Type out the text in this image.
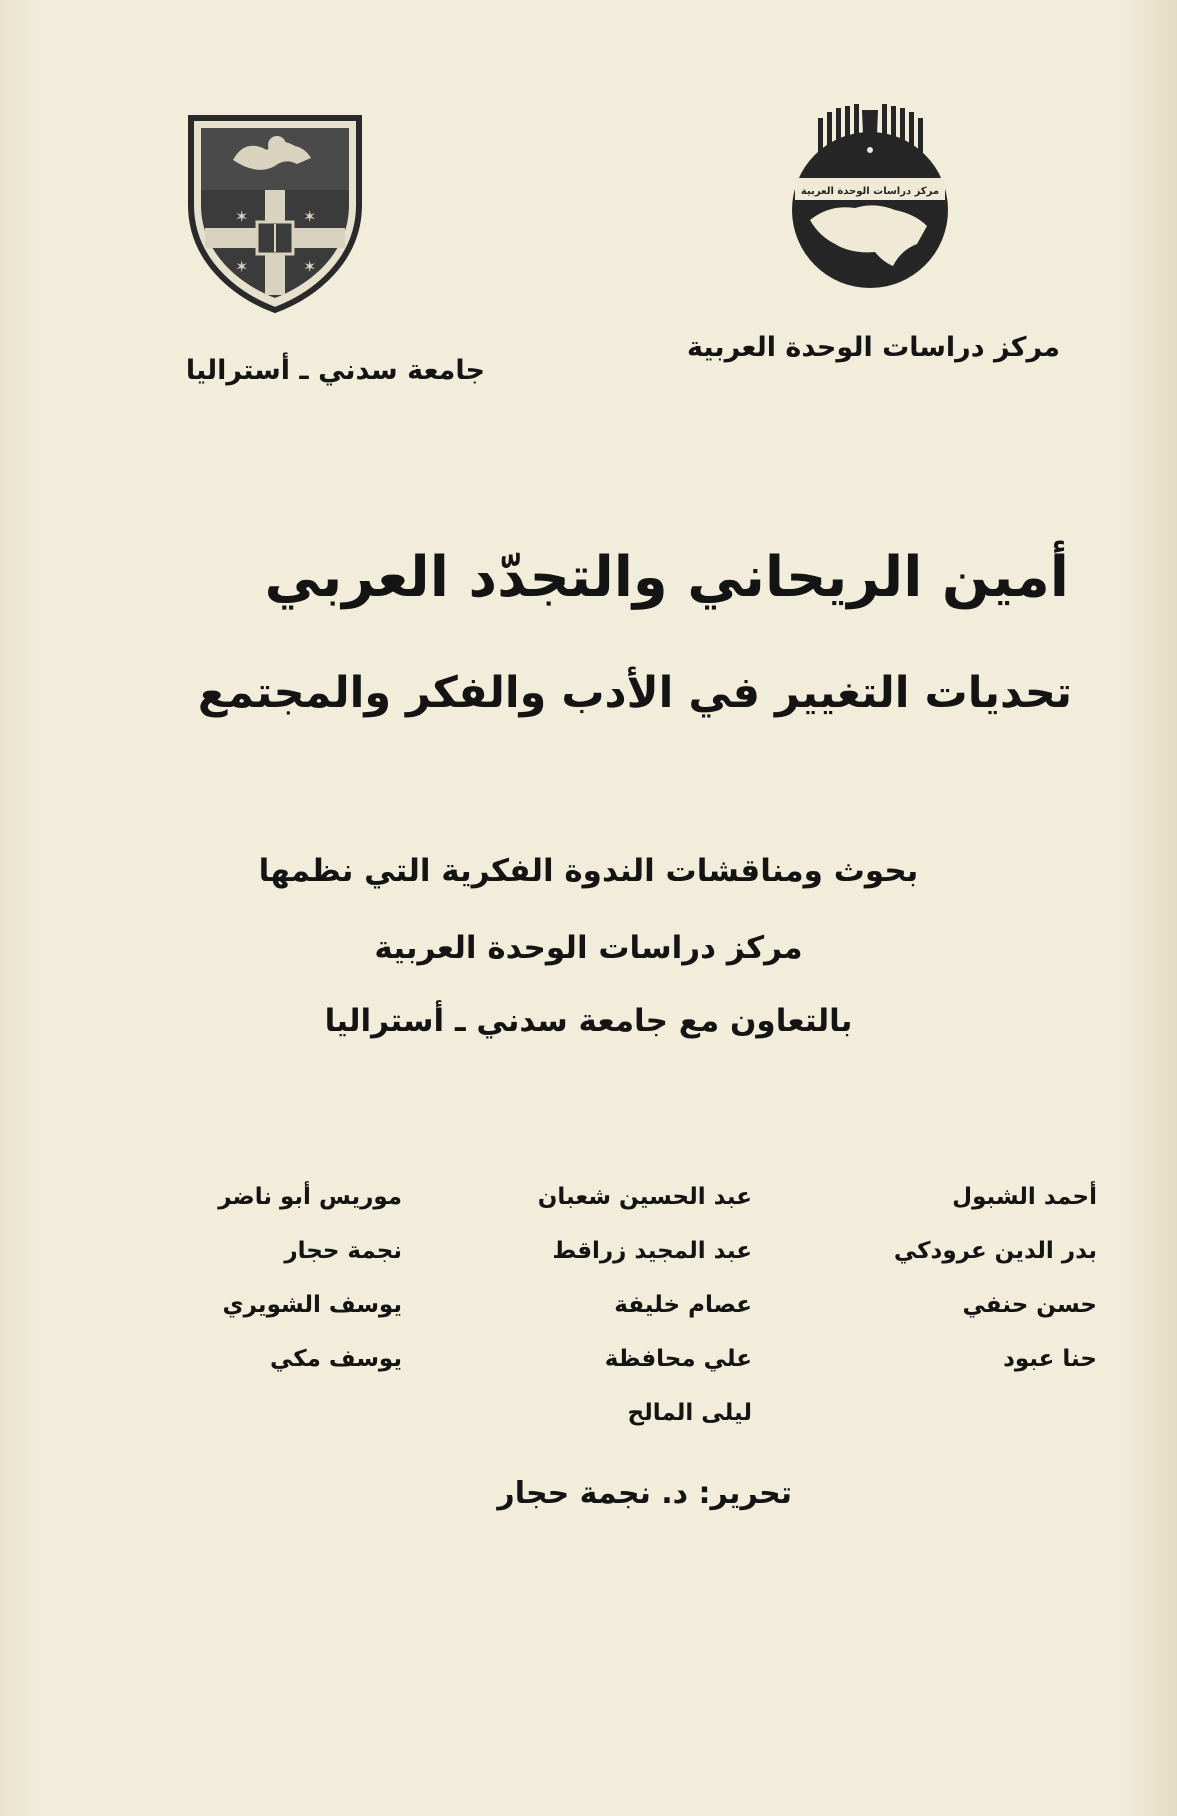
✶	✶
✶	✶
جامعة سدني ـ أستراليا
مركز دراسات الوحدة العربية
مركز دراسات الوحدة العربية
أمين الريحاني والتجدّد العربي
تحديات التغيير في الأدب والفكر والمجتمع
بحوث ومناقشات الندوة الفكرية التي نظمها
مركز دراسات الوحدة العربية
بالتعاون مع جامعة سدني ـ أستراليا
أحمد الشبول
بدر الدين عرودكي
حسن حنفي
حنا عبود
عبد الحسين شعبان
عبد المجيد زراقط
عصام خليفة
علي محافظة
ليلى المالح
موريس أبو ناضر
نجمة حجار
يوسف الشويري
يوسف مكي
تحرير: د. نجمة حجار
